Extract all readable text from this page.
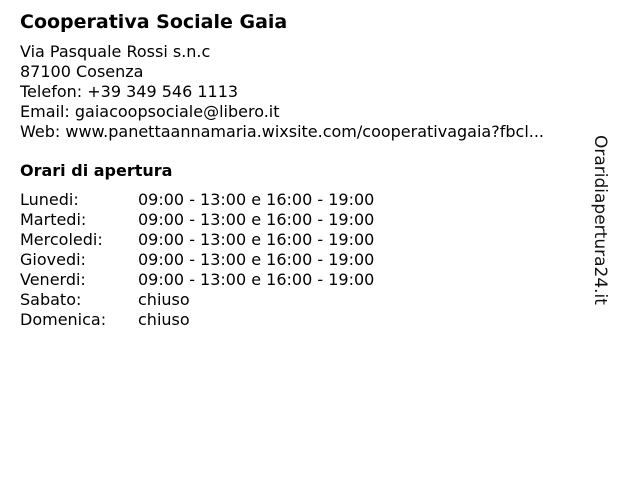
Cooperativa Sociale Gaia
Via Pasquale Rossi s.n.c
87100 Cosenza
Telefon: +39 349 546 1113
Email: gaiacoopsociale@libero.it
Web: www.panettaannamaria.wixsite.com/cooperativagaia?fbcl...
Orari di apertura
Lunedi:	09:00 - 13:00 e 16:00 - 19:00
Martedi:	09:00 - 13:00 e 16:00 - 19:00
Mercoledi:	09:00 - 13:00 e 16:00 - 19:00
Giovedi:	09:00 - 13:00 e 16:00 - 19:00
Venerdi:	09:00 - 13:00 e 16:00 - 19:00
Sabato:	chiuso
Domenica:	chiuso
Oraridiapertura24.it
